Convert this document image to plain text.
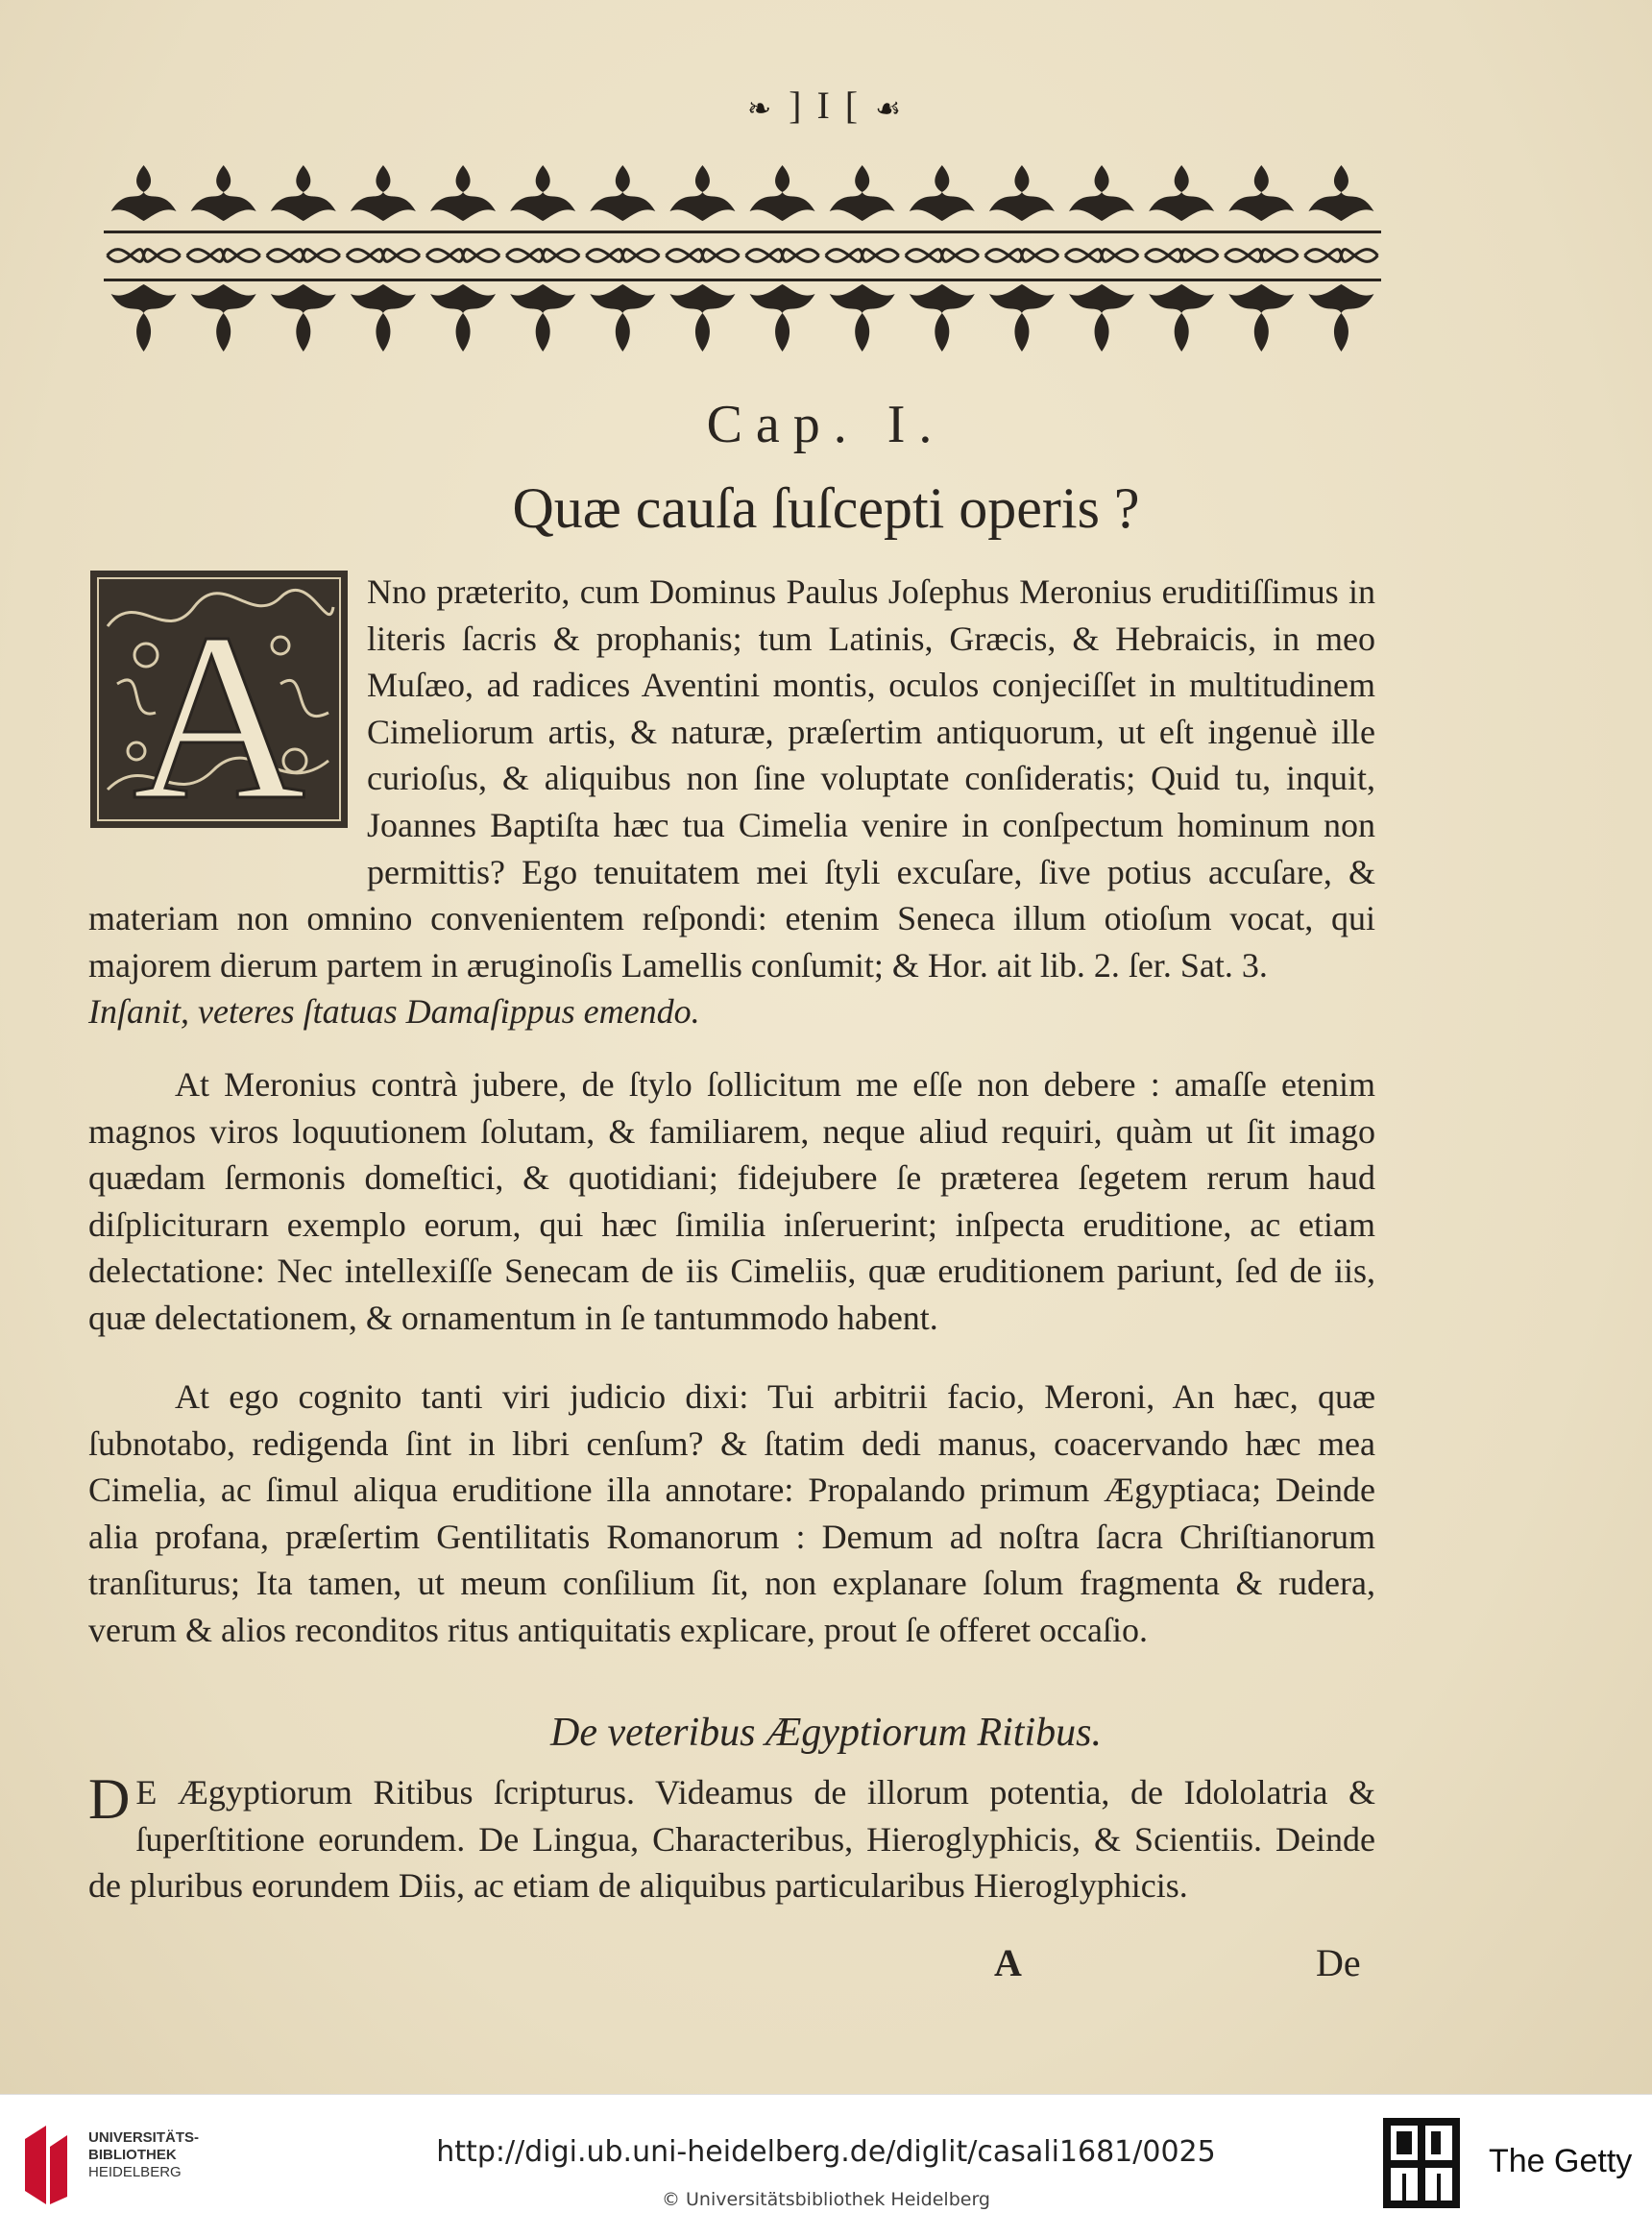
❧ ] I [ ☙
Cap. I.
Quæ cauſa ſuſcepti operis ?
A	Nno præterito, cum Dominus Paulus Joſephus Meronius eruditiſſimus in literis ſacris & prophanis; tum Latinis, Græcis, & Hebraicis, in meo Muſæo, ad radices Aventini montis, oculos conjeciſſet in multitudinem Cimeliorum artis, & naturæ, præſertim antiquorum, ut eſt ingenuè ille curioſus, & aliquibus non ſine voluptate conſideratis; Quid tu, inquit, Joannes Baptiſta hæc tua Cimelia venire in conſpectum hominum non permittis? Ego tenuitatem mei ſtyli excuſare, ſive potius accuſare, & materiam non omnino convenientem reſpondi: etenim Seneca illum otioſum vocat, qui majorem dierum partem in æruginoſis Lamellis conſumit; & Hor. ait lib. 2. ſer. Sat. 3.
Inſanit, veteres ſtatuas Damaſippus emendo.

At Meronius contrà jubere, de ſtylo ſollicitum me eſſe non debere : amaſſe etenim magnos viros loquutionem ſolutam, & familiarem, neque aliud requiri, quàm ut ſit imago quædam ſermonis domeſtici, & quotidiani; fidejubere ſe præterea ſegetem rerum haud diſpliciturarn exemplo eorum, qui hæc ſimilia inſeruerint; inſpecta eruditione, ac etiam delectatione: Nec intellexiſſe Senecam de iis Cimeliis, quæ eruditionem pariunt, ſed de iis, quæ delectationem, & ornamentum in ſe tantummodo habent.

At ego cognito tanti viri judicio dixi: Tui arbitrii facio, Meroni, An hæc, quæ ſubnotabo, redigenda ſint in libri cenſum? & ſtatim dedi manus, coacervando hæc mea Cimelia, ac ſimul aliqua eruditione illa annotare: Propalando primum Ægyptiaca; Deinde alia profana, præſertim Gentilitatis Romanorum : Demum ad noſtra ſacra Chriſtianorum tranſiturus; Ita tamen, ut meum conſilium ſit, non explanare ſolum fragmenta & rudera, verum & alios reconditos ritus antiquitatis explicare, prout ſe offeret occaſio.

De veteribus Ægyptiorum Ritibus.

D E Ægyptiorum Ritibus ſcripturus. Videamus de illorum potentia, de Idololatria & ſuperſtitione eorundem. De Lingua, Characteribus, Hieroglyphicis, & Scientiis. Deinde de pluribus eorundem Diis, ac etiam de aliquibus particularibus Hieroglyphicis.

A	De
UNIVERSITÄTS-
BIBLIOTHEK
HEIDELBERG
http://digi.ub.uni-heidelberg.de/diglit/casali1681/0025
© Universitätsbibliothek Heidelberg
The Getty
